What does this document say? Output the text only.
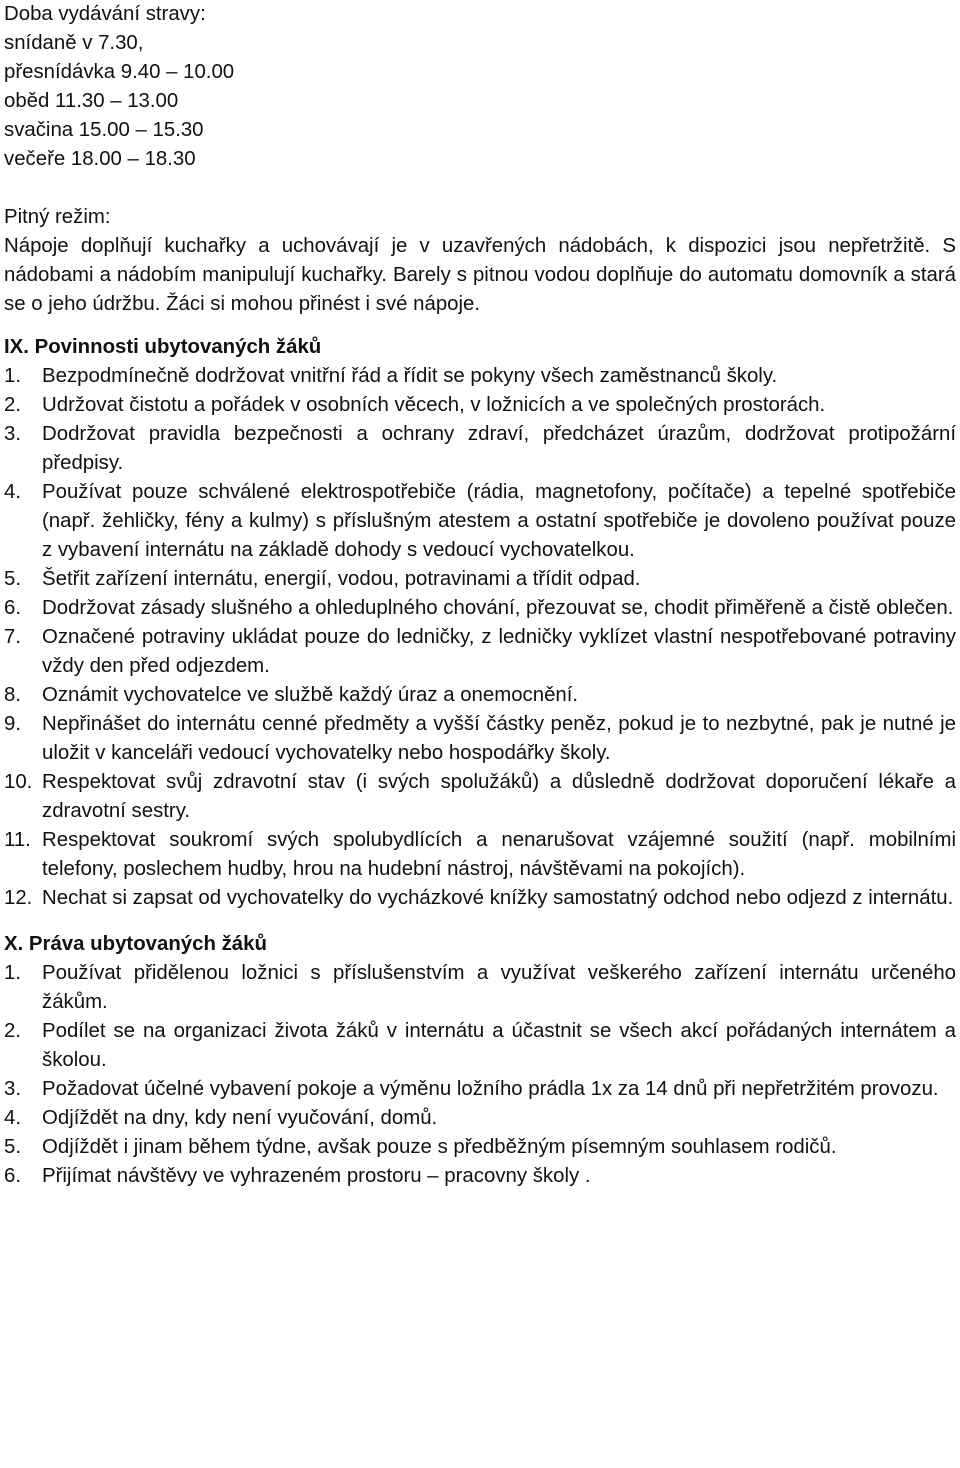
Doba vydávání stravy:
snídaně v 7.30,
přesnídávka 9.40 – 10.00
oběd 11.30 – 13.00
svačina 15.00 – 15.30
večeře 18.00 – 18.30
Pitný režim:

Nápoje doplňují kuchařky a uchovávají je v uzavřených nádobách, k dispozici jsou nepřetržitě. S nádobami a nádobím manipulují kuchařky. Barely s pitnou vodou doplňuje do automatu domovník a stará se o jeho údržbu. Žáci si mohou přinést i své nápoje.

IX. Povinnosti ubytovaných žáků
1.	Bezpodmínečně dodržovat vnitřní řád a řídit se pokyny všech zaměstnanců školy.
2.	Udržovat čistotu a pořádek v osobních věcech, v ložnicích a ve společných prostorách.
3.	Dodržovat pravidla bezpečnosti a ochrany zdraví, předcházet úrazům, dodržovat protipožární předpisy.
4.	Používat pouze schválené elektrospotřebiče (rádia, magnetofony, počítače) a tepelné spotřebiče (např. žehličky, fény a kulmy) s příslušným atestem a ostatní spotřebiče je dovoleno používat pouze z vybavení internátu na základě dohody s vedoucí vychovatelkou.
5.	Šetřit zařízení internátu, energií, vodou, potravinami a třídit odpad.
6.	Dodržovat zásady slušného a ohleduplného chování, přezouvat se, chodit přiměřeně a čistě oblečen.
7.	Označené potraviny ukládat pouze do ledničky, z ledničky vyklízet vlastní nespotřebované potraviny vždy den před odjezdem.
8.	Oznámit vychovatelce ve službě každý úraz a onemocnění.
9.	Nepřinášet do internátu cenné předměty a vyšší částky peněz, pokud je to nezbytné, pak je nutné je uložit v kanceláři vedoucí vychovatelky nebo hospodářky školy.
10. Respektovat svůj zdravotní stav (i svých spolužáků) a důsledně dodržovat doporučení lékaře a zdravotní sestry.
11. Respektovat soukromí svých spolubydlících a nenarušovat vzájemné soužití (např. mobilními telefony, poslechem hudby, hrou na hudební nástroj, návštěvami na pokojích).
12. Nechat si zapsat od vychovatelky do vycházkové knížky samostatný odchod nebo odjezd z internátu.
X. Práva ubytovaných žáků
1.	Používat přidělenou ložnici s příslušenstvím a využívat veškerého zařízení internátu určeného žákům.
2.	Podílet se na organizaci života žáků v internátu a účastnit se všech akcí pořádaných internátem a školou.
3.	Požadovat účelné vybavení pokoje a výměnu ložního prádla 1x za 14 dnů při nepřetržitém provozu.
4.	Odjíždět na dny, kdy není vyučování, domů.
5.	Odjíždět i jinam během týdne, avšak pouze s předběžným písemným souhlasem rodičů.
6.	Přijímat návštěvy ve vyhrazeném prostoru – pracovny školy .
